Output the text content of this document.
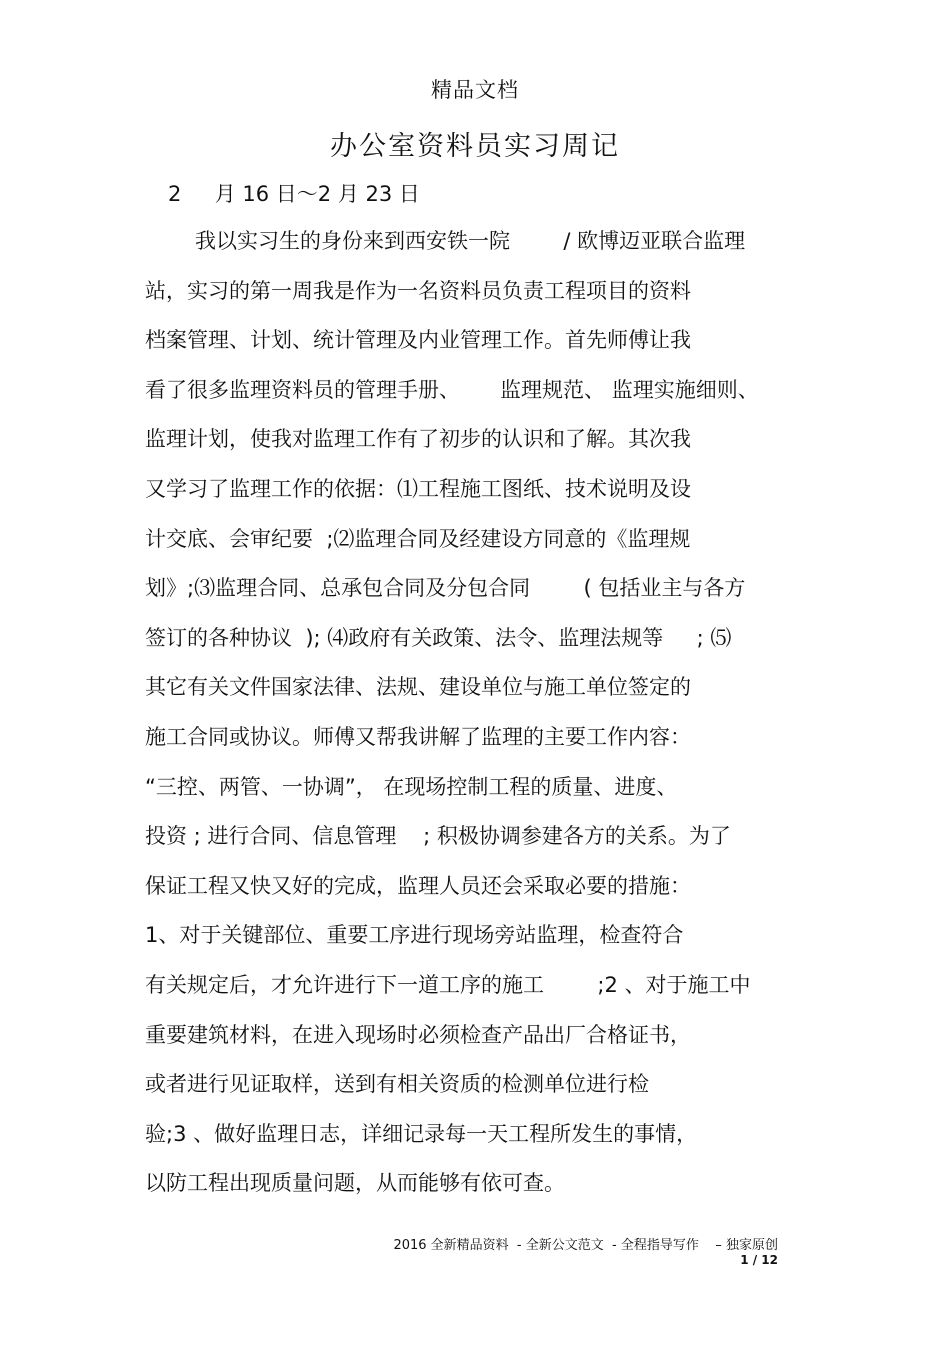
精品文档
办公室资料员实习周记
2     月 16 日～2 月 23 日
我以实习生的身份来到西安铁一院        / 欧博迈亚联合监理
站，实习的第一周我是作为一名资料员负责工程项目的资料
档案管理、计划、统计管理及内业管理工作。首先师傅让我
看了很多监理资料员的管理手册、      监理规范、 监理实施细则、
监理计划，使我对监理工作有了初步的认识和了解。其次我
又学习了监理工作的依据：⑴工程施工图纸、技术说明及设
计交底、会审纪要  ;⑵监理合同及经建设方同意的《监理规
划》;⑶监理合同、总承包合同及分包合同        ( 包括业主与各方
签订的各种协议  ); ⑷政府有关政策、法令、监理法规等     ; ⑸
其它有关文件国家法律、法规、建设单位与施工单位签定的
施工合同或协议。师傅又帮我讲解了监理的主要工作内容：
“三控、两管、一协调”， 在现场控制工程的质量、进度、
投资 ; 进行合同、信息管理    ; 积极协调参建各方的关系。为了
保证工程又快又好的完成，监理人员还会采取必要的措施：
1、对于关键部位、重要工序进行现场旁站监理，检查符合
有关规定后，才允许进行下一道工序的施工        ;2 、对于施工中
重要建筑材料，在进入现场时必须检查产品出厂合格证书，
或者进行见证取样，送到有相关资质的检测单位进行检
验;3 、做好监理日志，详细记录每一天工程所发生的事情，
以防工程出现质量问题，从而能够有依可查。
2016 全新精品资料  - 全新公文范文  - 全程指导写作    – 独家原创
1 / 12
